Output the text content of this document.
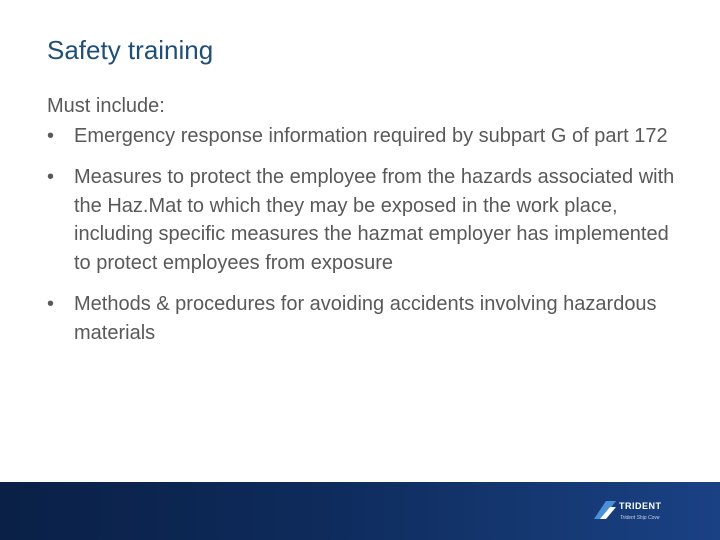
Safety training

Must include:

• Emergency response information required by subpart G of part 172
• Measures to protect the employee from the hazards associated with the Haz.Mat to which they may be exposed in the work place, including specific measures the hazmat employer has implemented to protect employees from exposure
• Methods & procedures for avoiding accidents involving hazardous materials
TRIDENT
Trident Ship Cove
